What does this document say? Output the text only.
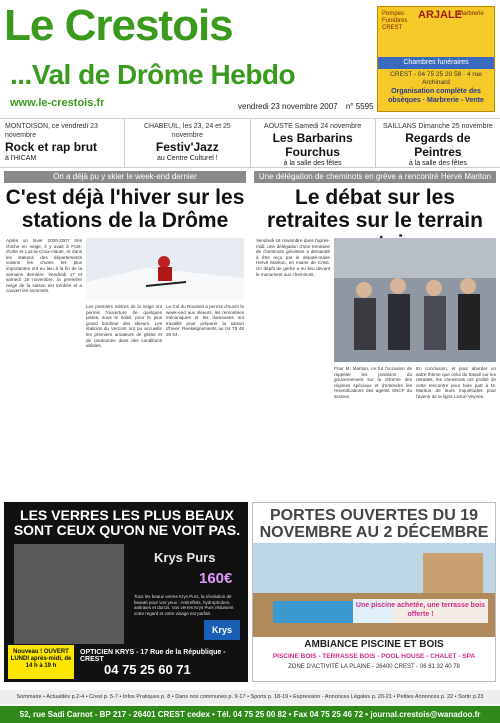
Le Crestois
...Val de Drôme Hebdo
www.le-crestois.fr	vendredi 23 novembre 2007 n° 5595
Pompes Funèbres CREST
ARJALE
Marbrerie
Chambres funéraires
CREST - 04 75 25 20 58 · 4 rue Archinard
Organisation complète des obsèques · Marbrerie - Vente
MONTOISON, ce vendredi 23 novembre
Rock et rap brut
à l'HICAM
CHABEUIL, les 23, 24 et 25 novembre
Festiv'Jazz
au Centre Culturel !
AOUSTE Samedi 24 novembre
Les Barbarins Fourchus
à la salle des fêtes
SAILLANS Dimanche 25 novembre
Regards de Peintres
à la salle des fêtes
On a déjà pu y skier le week-end dernier
C'est déjà l'hiver sur les stations de la Drôme
Après un hiver 2006-2007 très chiche en neige, il y avait à Font-d'Urle et Lus-la-Croix-Haute, et dans les stations des départements voisins les chutes les plus importantes ont eu lieu à la fin de la semaine dernière. Vendredi 17 et samedi 18 novembre, la première neige de la saison est tombée et a couvert les sommets.
Les premiers mètres de la neige ont permis l'ouverture de quelques pistes, sous le soleil, pour le plus grand bonheur des skieurs. Les stations du Vercors ont pu accueillir les premiers amateurs de glisse et de randonnée dans des conditions idéales.
Le Col du Rousset a permis d'ouvrir le week-end aux skieurs, les remontées mécaniques et les dameuses ont travaillé pour préparer la saison d'hiver. Renseignements au 04 75 48 26 64.
Une délégation de cheminots en grève a rencontré Hervé Mariton
Le débat sur les retraites sur le terrain
Vendredi 16 novembre dans l'après-midi, une délégation d'une trentaine de cheminots grévistes a demandé à être reçu par le député-maire Hervé Mariton, en mairie de Crest. Un dépôt de gerbe a eu lieu devant le monument aux cheminots.
Pour M. Mariton, ce fut l'occasion de rappeler les positions du gouvernement sur la réforme des régimes spéciaux et d'entendre les revendications des agents SNCF du secteur.
En conclusion, et pour aborder un autre thème que celui du travail sur les retraites, les cheminots ont profité de cette rencontre pour faire part à M. Mariton de leurs inquiétudes pour l'avenir de la ligne Livron-Veynes.
LES VERRES LES PLUS BEAUX SONT CEUX QU'ON NE VOIT PAS.
Krys Purs
160€
Tous les beaux verres Krys Purs, la révolution de beauté pour vos yeux : Antireflets, hydrophobes, antiraies et durcis. Vos verres Krys Purs réduisent votre regard et votre visage est parfait.
Krys
Nouveau ! OUVERT LUNDI après-midi, de 14 h à 19 h
OPTICIEN KRYS - 17 Rue de la République - CREST
04 75 25 60 71
PORTES OUVERTES DU 19 NOVEMBRE AU 2 DÉCEMBRE
Une piscine achetée, une terrasse bois offerte !
AMBIANCE PISCINE ET BOIS
PISCINE BOIS - TERRASSE BOIS - POOL HOUSE - CHALET - SPA
ZONE D'ACTIVITÉ LA PLAINE - 26400 CREST - 06 81 32 40 78
Sommaire • Actualités p.2-4 • Crest p. 5-7 • Infos Pratiques p. 8 • Dans nos communes p. 9-17 • Sports p. 18-19 • Expression - Annonces Légales p. 20-21 • Petites Annonces p. 22 • Sortir p.23
52, rue Sadi Carnot - BP 217 - 26401 CREST cedex • Tél. 04 75 25 00 82 • Fax 04 75 25 46 72 • journal.crestois@wanadoo.fr
